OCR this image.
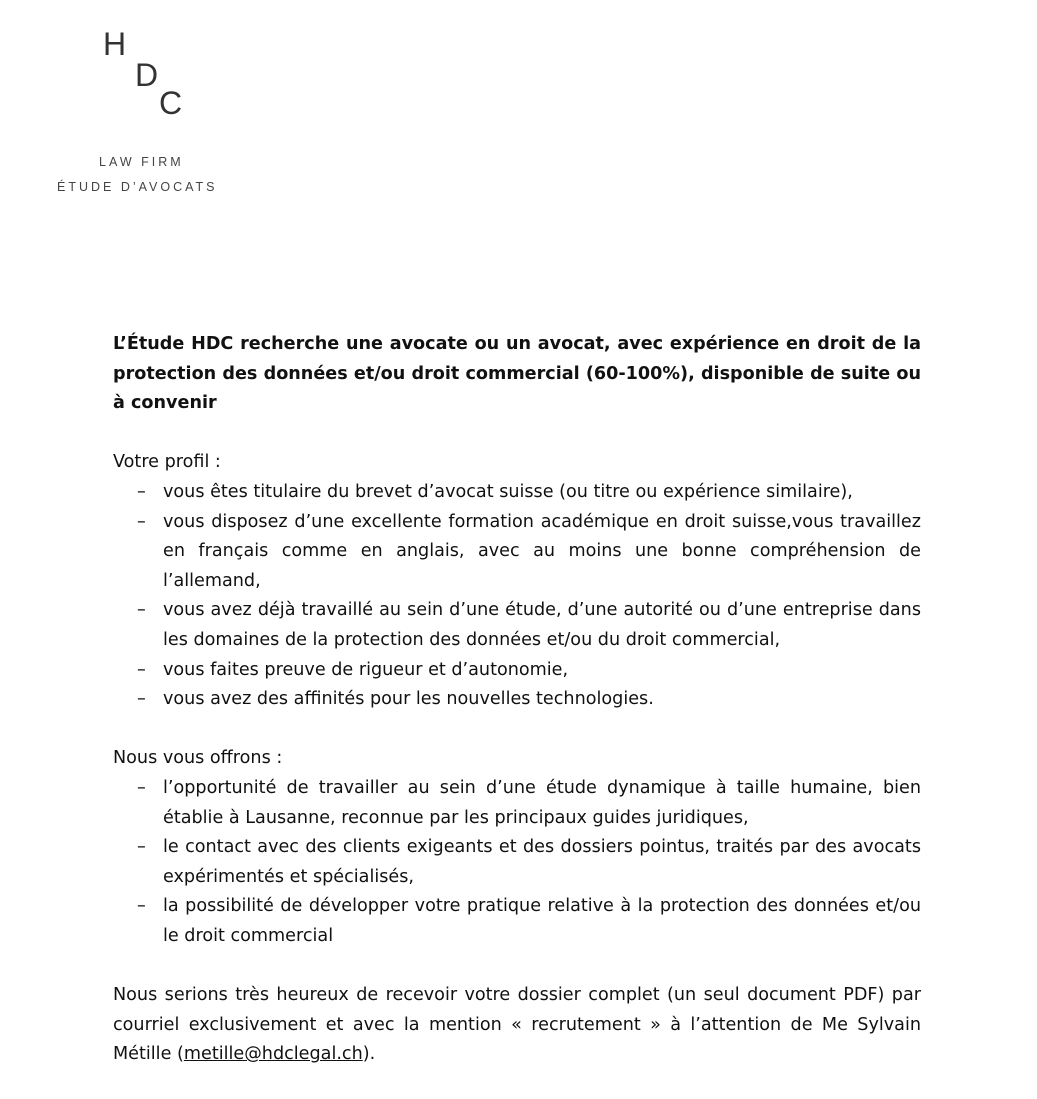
H
D
C
LAW FIRM
ÉTUDE D’AVOCATS

L’Étude HDC recherche une avocate ou un avocat, avec expérience en droit de la protection des données et/ou droit commercial (60-100%), disponible de suite ou à convenir

Votre profil :

– vous êtes titulaire du brevet d’avocat suisse (ou titre ou expérience similaire),
– vous disposez d’une excellente formation académique en droit suisse,vous travaillez en français comme en anglais, avec au moins une bonne compréhension de l’allemand,
– vous avez déjà travaillé au sein d’une étude, d’une autorité ou d’une entreprise dans les domaines de la protection des données et/ou du droit commercial,
– vous faites preuve de rigueur et d’autonomie,
– vous avez des affinités pour les nouvelles technologies.

Nous vous offrons :

– l’opportunité de travailler au sein d’une étude dynamique à taille humaine, bien établie à Lausanne, reconnue par les principaux guides juridiques,
– le contact avec des clients exigeants et des dossiers pointus, traités par des avocats expérimentés et spécialisés,
– la possibilité de développer votre pratique relative à la protection des données et/ou le droit commercial

Nous serions très heureux de recevoir votre dossier complet (un seul document PDF) par courriel exclusivement et avec la mention « recrutement » à l’attention de Me Sylvain Métille (metille@hdclegal.ch).
